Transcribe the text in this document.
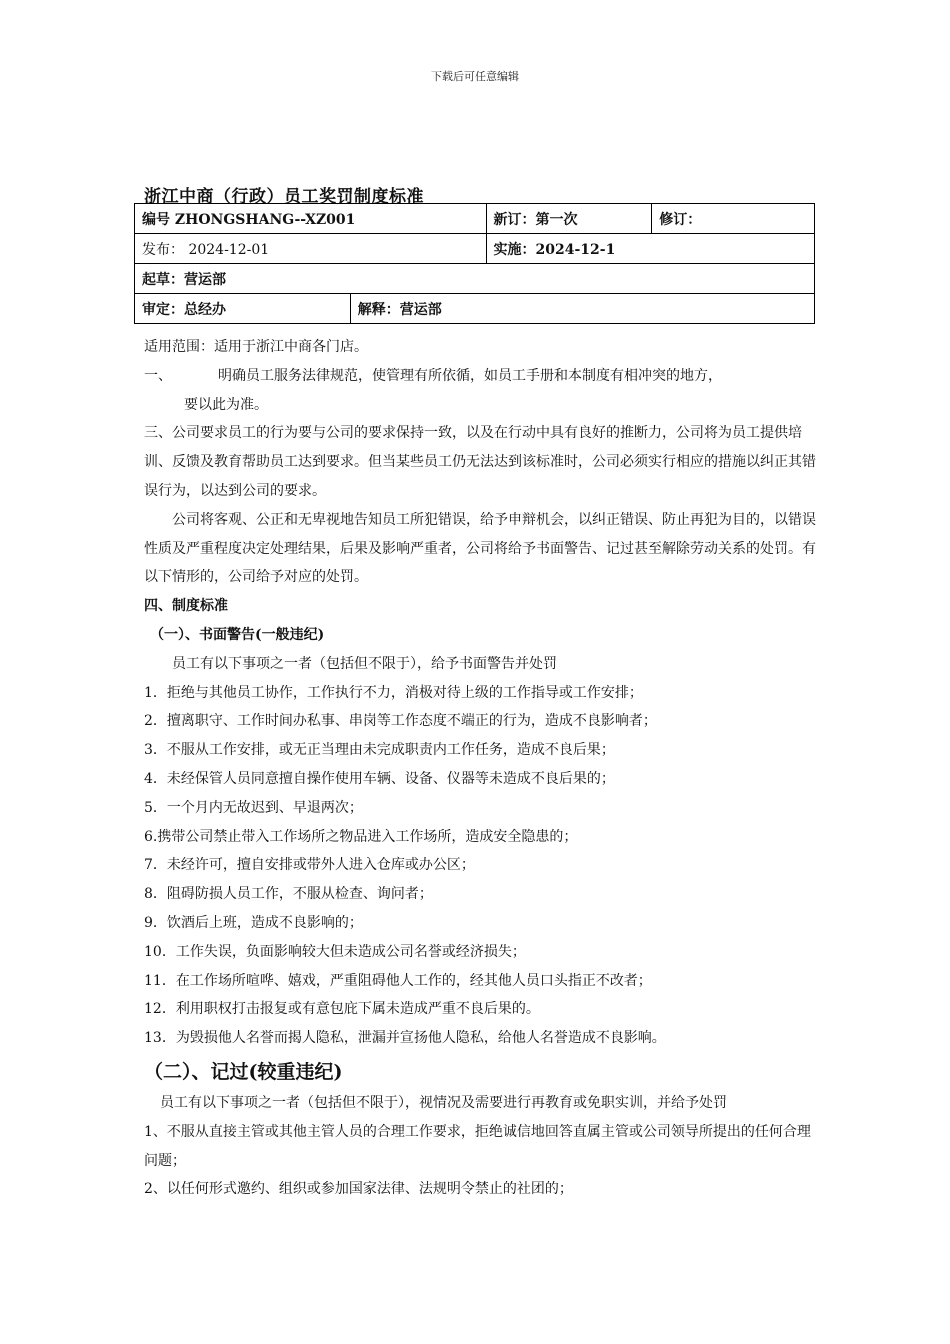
下载后可任意编辑
浙江中商（行政）员工奖罚制度标准
编号 ZHONGSHANG--XZ001		新订：第一次	修订：
发布： 2024-12-01		实施：2024-12-1	
起草：营运部			
审定：总经办	解释：营运部		

适用范围：适用于浙江中商各门店。

一、	明确员工服务法律规范，使管理有所依循，如员工手册和本制度有相冲突的地方，

要以此为准。

三、公司要求员工的行为要与公司的要求保持一致，以及在行动中具有良好的推断力，公司将为员工提供培训、反馈及教育帮助员工达到要求。但当某些员工仍无法达到该标准时，公司必须实行相应的措施以纠正其错误行为，以达到公司的要求。

公司将客观、公正和无卑视地告知员工所犯错误，给予申辩机会，以纠正错误、防止再犯为目的，以错误性质及严重程度决定处理结果，后果及影响严重者，公司将给予书面警告、记过甚至解除劳动关系的处罚。有以下情形的，公司给予对应的处罚。

四、制度标准

（一）、书面警告(一般违纪)

员工有以下事项之一者（包括但不限于），给予书面警告并处罚

1．拒绝与其他员工协作，工作执行不力，消极对待上级的工作指导或工作安排；

2．擅离职守、工作时间办私事、串岗等工作态度不端正的行为，造成不良影响者；

3．不服从工作安排，或无正当理由未完成职责内工作任务，造成不良后果；

4．未经保管人员同意擅自操作使用车辆、设备、仪器等未造成不良后果的；

5．一个月内无故迟到、早退两次；

6.携带公司禁止带入工作场所之物品进入工作场所，造成安全隐患的；

7．未经许可，擅自安排或带外人进入仓库或办公区；

8．阻碍防损人员工作，不服从检查、询问者；

9．饮酒后上班，造成不良影响的；

10．工作失误，负面影响较大但未造成公司名誉或经济损失；

11．在工作场所喧哗、嬉戏，严重阻碍他人工作的，经其他人员口头指正不改者；

12．利用职权打击报复或有意包庇下属未造成严重不良后果的。

13．为毁损他人名誉而揭人隐私，泄漏并宣扬他人隐私，给他人名誉造成不良影响。

（二）、记过(较重违纪)

员工有以下事项之一者（包括但不限于），视情况及需要进行再教育或免职实训，并给予处罚

1、不服从直接主管或其他主管人员的合理工作要求，拒绝诚信地回答直属主管或公司领导所提出的任何合理问题；

2、以任何形式邀约、组织或参加国家法律、法规明令禁止的社团的；
